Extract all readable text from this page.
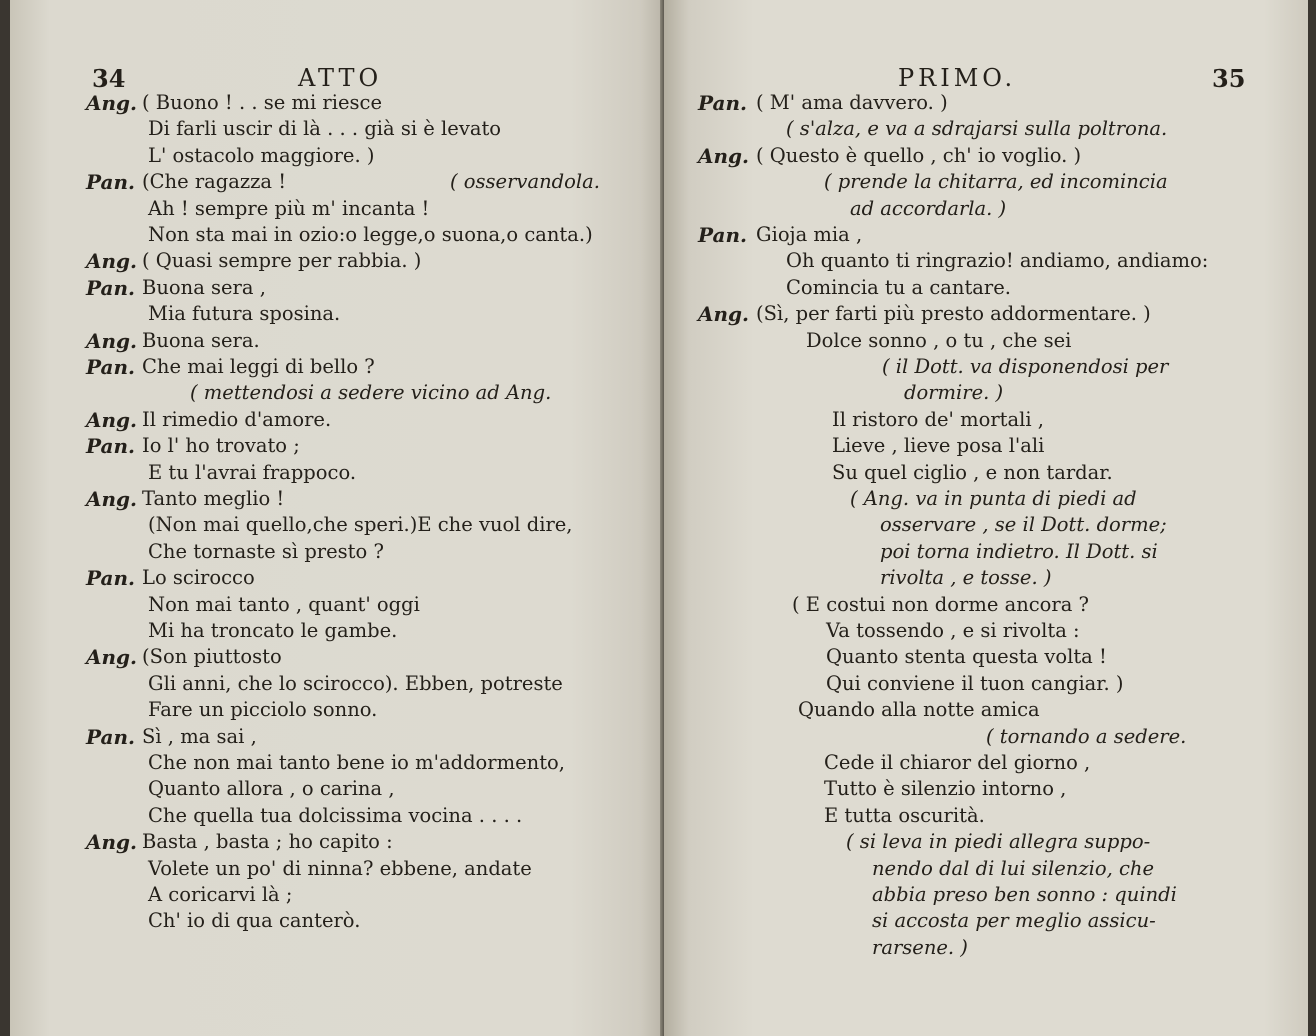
34	ATTO
Ang. ( Buono ! . . se mi riesce
Di farli uscir di là . . . già si è levato
L' ostacolo maggiore. )
Pan. (Che ragazza !	( osservandola.
Ah ! sempre più m' incanta !
Non sta mai in ozio:o legge,o suona,o canta.)
Ang. ( Quasi sempre per rabbia. )
Pan. Buona sera ,
Mia futura sposina.
Ang. Buona sera.
Pan. Che mai leggi di bello ?
( mettendosi a sedere vicino ad Ang.
Ang. Il rimedio d'amore.
Pan. Io l' ho trovato ;
E tu l'avrai frappoco.
Ang. Tanto meglio !
(Non mai quello,che speri.)E che vuol dire,
Che tornaste sì presto ?
Pan. Lo scirocco
Non mai tanto , quant' oggi
Mi ha troncato le gambe.
Ang. (Son piuttosto
Gli anni, che lo scirocco). Ebben, potreste
Fare un picciolo sonno.
Pan. Sì , ma sai ,
Che non mai tanto bene io m'addormento,
Quanto allora , o carina ,
Che quella tua dolcissima vocina . . . .
Ang. Basta , basta ; ho capito :
Volete un po' di ninna? ebbene, andate
A coricarvi là ;
Ch' io di qua canterò.
PRIMO.	35
Pan. ( M' ama davvero. )
( s'alza, e va a sdrajarsi sulla poltrona.
Ang. ( Questo è quello , ch' io voglio. )
( prende la chitarra, ed incomincia
ad accordarla. )
Pan. Gioja mia ,
Oh quanto ti ringrazio! andiamo, andiamo:
Comincia tu a cantare.
Ang. (Sì, per farti più presto addormentare. )
Dolce sonno , o tu , che sei
( il Dott. va disponendosi per
dormire. )
Il ristoro de' mortali ,
Lieve , lieve posa l'ali
Su quel ciglio , e non tardar.
( Ang. va in punta di piedi ad
osservare , se il Dott. dorme;
poi torna indietro. Il Dott. si
rivolta , e tosse. )
( E costui non dorme ancora ?
Va tossendo , e si rivolta :
Quanto stenta questa volta !
Qui conviene il tuon cangiar. )
Quando alla notte amica
( tornando a sedere.
Cede il chiaror del giorno ,
Tutto è silenzio intorno ,
E tutta oscurità.
( si leva in piedi allegra suppo-
nendo dal di lui silenzio, che
abbia preso ben sonno : quindi
si accosta per meglio assicu-
rarsene. )
